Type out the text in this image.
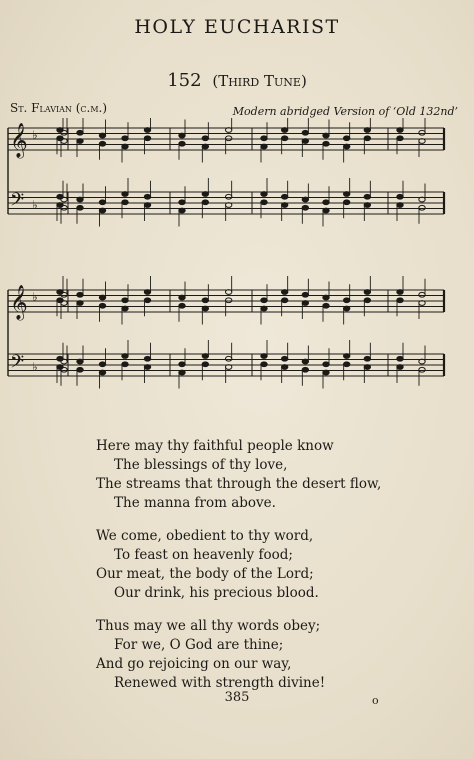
HOLY EUCHARIST
152 (Third Tune)
St. Flavian (c.m.)	Modern abridged Version of ‘Old 132nd’
𝄞 ♭
𝄢 ♭
𝄞 ♭
𝄢 ♭
Here may thy faithful people know
The blessings of thy love,
The streams that through the desert flow,
The manna from above.
We come, obedient to thy word,
To feast on heavenly food;
Our meat, the body of the Lord;
Our drink, his precious blood.
Thus may we all thy words obey;
For we, O God are thine;
And go rejoicing on our way,
Renewed with strength divine!
385	o
